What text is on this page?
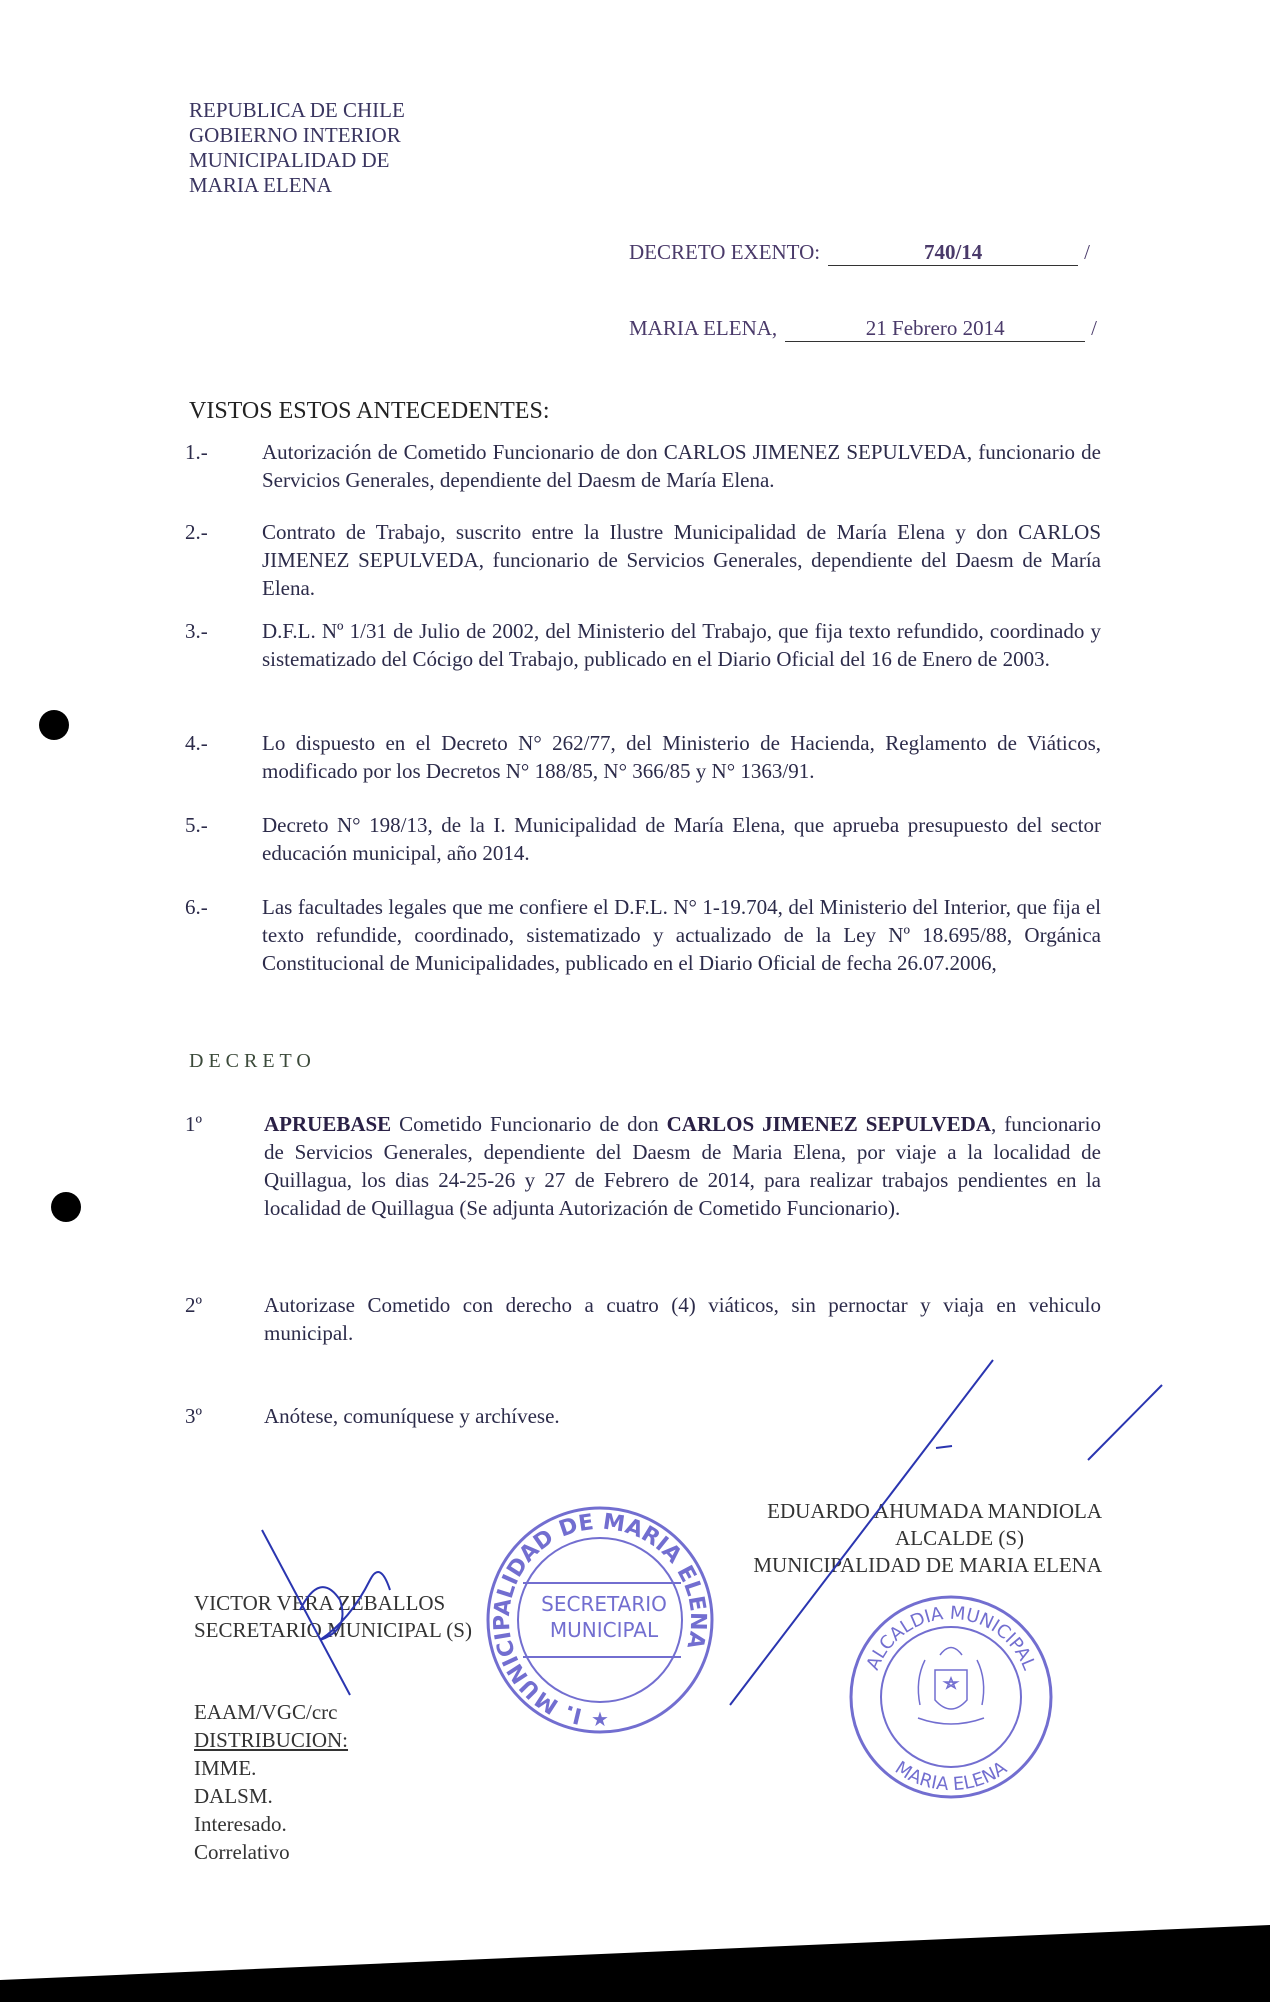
REPUBLICA DE CHILE
GOBIERNO INTERIOR
MUNICIPALIDAD DE
MARIA ELENA
DECRETO EXENTO:	740/14	/
MARIA ELENA,	21 Febrero 2014	/
VISTOS ESTOS ANTECEDENTES:
1.-	Autorización de Cometido Funcionario de don CARLOS JIMENEZ SEPULVEDA, funcionario de Servicios Generales, dependiente del Daesm de María Elena.
2.-	Contrato de Trabajo, suscrito entre la Ilustre Municipalidad de María Elena y don CARLOS JIMENEZ SEPULVEDA, funcionario de Servicios Generales, dependiente del Daesm de María Elena.
3.-	D.F.L. Nº 1/31 de Julio de 2002, del Ministerio del Trabajo, que fija texto refundido, coordinado y sistematizado del Cócigo del Trabajo, publicado en el Diario Oficial del 16 de Enero de 2003.
4.-	Lo dispuesto en el Decreto N° 262/77, del Ministerio de Hacienda, Reglamento de Viáticos, modificado por los Decretos N° 188/85, N° 366/85 y N° 1363/91.
5.-	Decreto N° 198/13, de la I. Municipalidad de María Elena, que aprueba presupuesto del sector educación municipal, año 2014.
6.-	Las facultades legales que me confiere el D.F.L. N° 1-19.704, del Ministerio del Interior, que fija el texto refundide, coordinado, sistematizado y actualizado de la Ley Nº 18.695/88, Orgánica Constitucional de Municipalidades, publicado en el Diario Oficial de fecha 26.07.2006,
DECRETO
1º	APRUEBASE Cometido Funcionario de don CARLOS JIMENEZ SEPULVEDA, funcionario de Servicios Generales, dependiente del Daesm de Maria Elena, por viaje a la localidad de Quillagua, los dias 24-25-26 y 27 de Febrero de 2014, para realizar trabajos pendientes en la localidad de Quillagua (Se adjunta Autorización de Cometido Funcionario).
2º	Autorizase Cometido con derecho a cuatro (4) viáticos, sin pernoctar y viaja en vehiculo municipal.
3º	Anótese, comuníquese y archívese.
EDUARDO AHUMADA MANDIOLA
ALCALDE (S)
MUNICIPALIDAD DE MARIA ELENA
VICTOR VERA ZEBALLOS
SECRETARIO MUNICIPAL (S)
I. MUNICIPALIDAD DE MARIA ELENA
SECRETARIO
MUNICIPAL
★
ALCALDIA MUNICIPAL
MARIA ELENA
EAAM/VGC/crc
DISTRIBUCION:
IMME.
DALSM.
Interesado.
Correlativo
